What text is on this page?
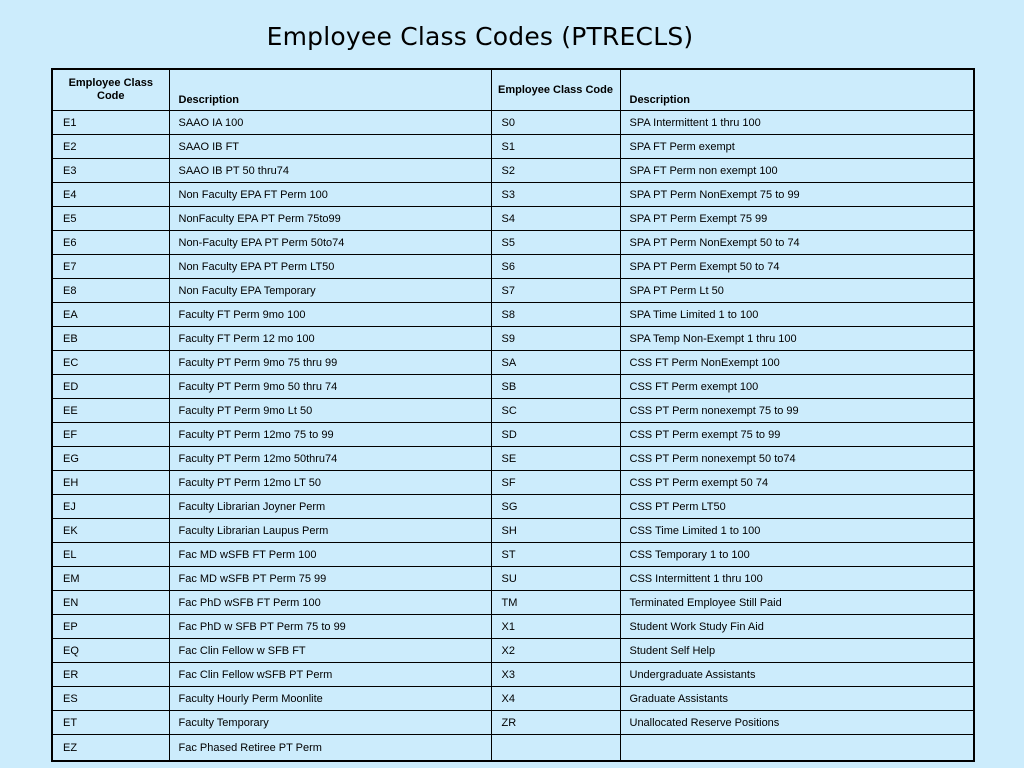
Employee Class Codes (PTRECLS)
Employee Class Code	Description	Employee Class Code	Description
E1	SAAO IA 100	S0	SPA Intermittent 1 thru 100
E2	SAAO IB FT	S1	SPA FT Perm exempt
E3	SAAO IB PT 50 thru74	S2	SPA FT Perm non exempt 100
E4	Non Faculty EPA FT Perm 100	S3	SPA PT Perm NonExempt 75 to 99
E5	NonFaculty EPA PT Perm 75to99	S4	SPA PT Perm Exempt 75 99
E6	Non-Faculty EPA PT Perm 50to74	S5	SPA PT Perm NonExempt 50 to 74
E7	Non Faculty EPA PT Perm LT50	S6	SPA PT Perm Exempt 50 to 74
E8	Non Faculty EPA Temporary	S7	SPA PT Perm Lt 50
EA	Faculty FT Perm 9mo 100	S8	SPA Time Limited 1 to 100
EB	Faculty FT Perm 12 mo 100	S9	SPA Temp Non-Exempt 1 thru 100
EC	Faculty PT Perm 9mo 75 thru 99	SA	CSS FT Perm NonExempt 100
ED	Faculty PT Perm 9mo 50 thru 74	SB	CSS FT Perm exempt 100
EE	Faculty PT Perm 9mo Lt 50	SC	CSS PT Perm nonexempt 75 to 99
EF	Faculty PT Perm 12mo 75 to 99	SD	CSS PT Perm exempt 75 to 99
EG	Faculty PT Perm 12mo 50thru74	SE	CSS PT Perm nonexempt 50 to74
EH	Faculty PT Perm 12mo LT 50	SF	CSS PT Perm exempt 50 74
EJ	Faculty Librarian Joyner Perm	SG	CSS PT Perm LT50
EK	Faculty Librarian Laupus Perm	SH	CSS Time Limited 1 to 100
EL	Fac MD wSFB FT Perm 100	ST	CSS Temporary 1 to 100
EM	Fac MD wSFB PT Perm 75 99	SU	CSS Intermittent 1 thru 100
EN	Fac PhD wSFB FT Perm 100	TM	Terminated Employee Still Paid
EP	Fac PhD w SFB PT Perm 75 to 99	X1	Student Work Study Fin Aid
EQ	Fac Clin Fellow w SFB FT	X2	Student Self Help
ER	Fac Clin Fellow wSFB PT Perm	X3	Undergraduate Assistants
ES	Faculty Hourly Perm Moonlite	X4	Graduate Assistants
ET	Faculty Temporary	ZR	Unallocated Reserve Positions
EZ	Fac Phased Retiree PT Perm		
